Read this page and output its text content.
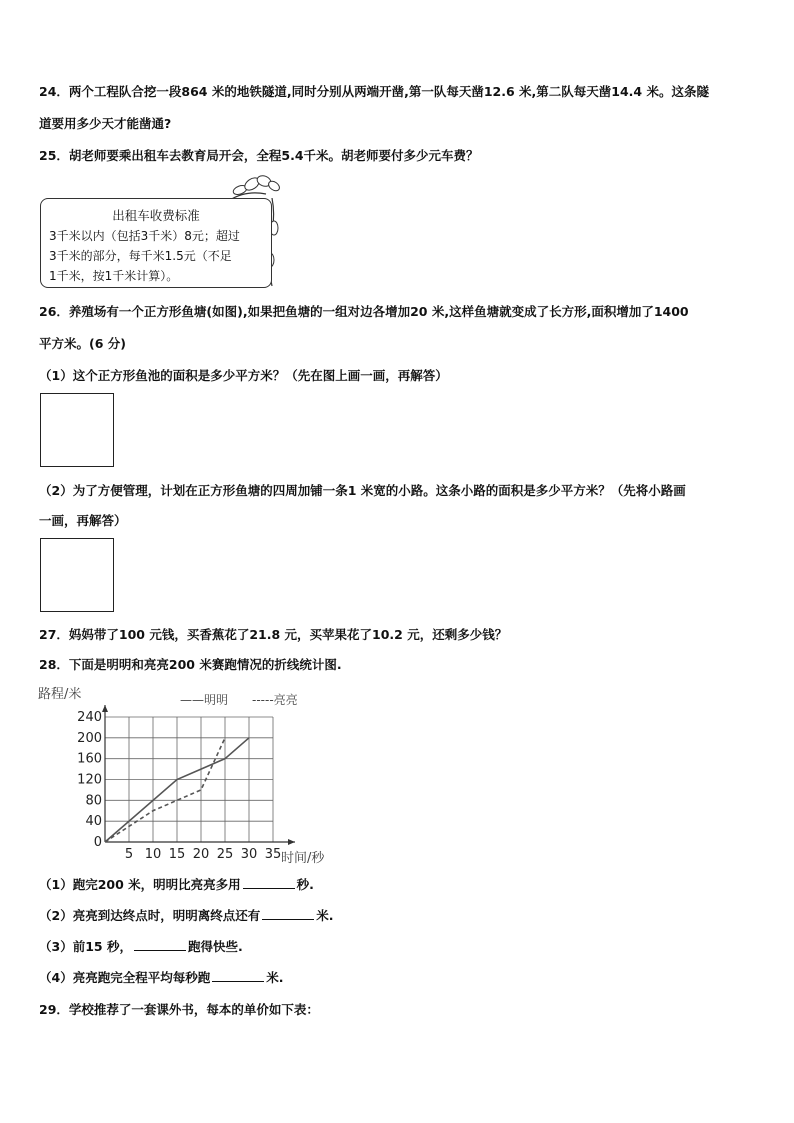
24．两个工程队合挖一段864 米的地铁隧道,同时分别从两端开凿,第一队每天凿12.6 米,第二队每天凿14.4 米。这条隧
道要用多少天才能凿通?
25．胡老师要乘出租车去教育局开会，全程5.4千米。胡老师要付多少元车费？
出租车收费标准
3千米以内（包括3千米）8元；超过
3千米的部分，每千米1.5元（不足
1千米，按1千米计算）。
26．养殖场有一个正方形鱼塘(如图),如果把鱼塘的一组对边各增加20 米,这样鱼塘就变成了长方形,面积增加了1400
平方米。(6 分)
（1）这个正方形鱼池的面积是多少平方米？（先在图上画一画，再解答）
（2）为了方便管理，计划在正方形鱼塘的四周加铺一条1 米宽的小路。这条小路的面积是多少平方米？（先将小路画
一画，再解答）
27．妈妈带了100 元钱，买香蕉花了21.8 元，买苹果花了10.2 元，还剩多少钱？
28．下面是明明和亮亮200 米赛跑情况的折线统计图.
0
40
80
120
160
200
240
5 10 15 20 25 30 35
路程/米
时间/秒
——明明 -----亮亮
（1）跑完200 米，明明比亮亮多用	秒.
（2）亮亮到达终点时，明明离终点还有	米.
（3）前15 秒，	跑得快些.
（4）亮亮跑完全程平均每秒跑	米.
29．学校推荐了一套课外书，每本的单价如下表：
